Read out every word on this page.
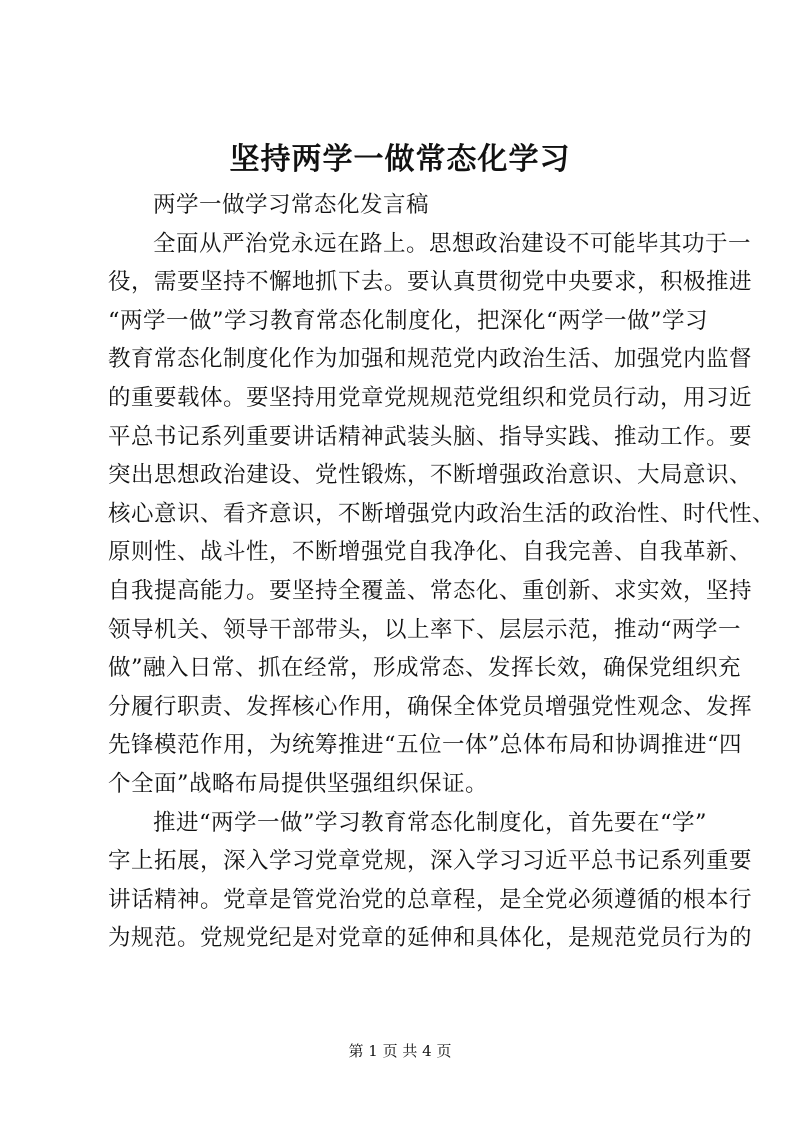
坚持两学一做常态化学习
两学一做学习常态化发言稿
全面从严治党永远在路上。思想政治建设不可能毕其功于一
役，需要坚持不懈地抓下去。要认真贯彻党中央要求，积极推进
“两学一做”学习教育常态化制度化，把深化“两学一做”学习
教育常态化制度化作为加强和规范党内政治生活、加强党内监督
的重要载体。要坚持用党章党规规范党组织和党员行动，用习近
平总书记系列重要讲话精神武装头脑、指导实践、推动工作。要
突出思想政治建设、党性锻炼，不断增强政治意识、大局意识、
核心意识、看齐意识，不断增强党内政治生活的政治性、时代性、
原则性、战斗性，不断增强党自我净化、自我完善、自我革新、
自我提高能力。要坚持全覆盖、常态化、重创新、求实效，坚持
领导机关、领导干部带头，以上率下、层层示范，推动“两学一
做”融入日常、抓在经常，形成常态、发挥长效，确保党组织充
分履行职责、发挥核心作用，确保全体党员增强党性观念、发挥
先锋模范作用，为统筹推进“五位一体”总体布局和协调推进“四
个全面”战略布局提供坚强组织保证。
推进“两学一做”学习教育常态化制度化，首先要在“学”
字上拓展，深入学习党章党规，深入学习习近平总书记系列重要
讲话精神。党章是管党治党的总章程，是全党必须遵循的根本行
为规范。党规党纪是对党章的延伸和具体化，是规范党员行为的
第 1 页 共 4 页
